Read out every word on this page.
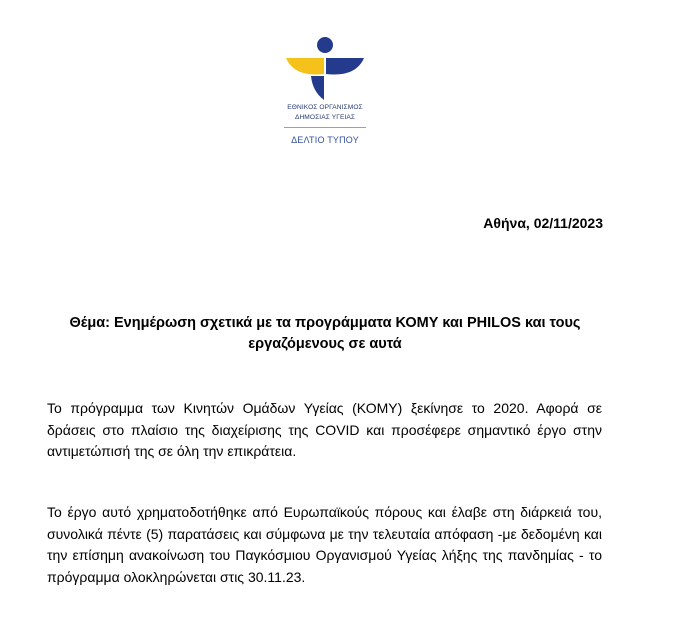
ΕΘΝΙΚΟΣ ΟΡΓΑΝΙΣΜΟΣ
ΔΗΜΟΣΙΑΣ ΥΓΕΙΑΣ
ΔΕΛΤΙΟ ΤΥΠΟΥ
Αθήνα, 02/11/2023
Θέμα: Ενημέρωση σχετικά με τα προγράμματα ΚΟΜΥ και PHILOS και τους
εργαζόμενους σε αυτά

Το πρόγραμμα των Κινητών Ομάδων Υγείας (ΚΟΜΥ) ξεκίνησε το 2020. Αφορά σε δράσεις στο πλαίσιο της διαχείρισης της COVID και προσέφερε σημαντικό έργο στην αντιμετώπισή της σε όλη την επικράτεια.

Το έργο αυτό χρηματοδοτήθηκε από Ευρωπαϊκούς πόρους και έλαβε στη διάρκειά του, συνολικά πέντε (5) παρατάσεις και σύμφωνα με την τελευταία απόφαση -με δεδομένη και την επίσημη ανακοίνωση του Παγκόσμιου Οργανισμού Υγείας λήξης της πανδημίας - το πρόγραμμα ολοκληρώνεται στις 30.11.23.
